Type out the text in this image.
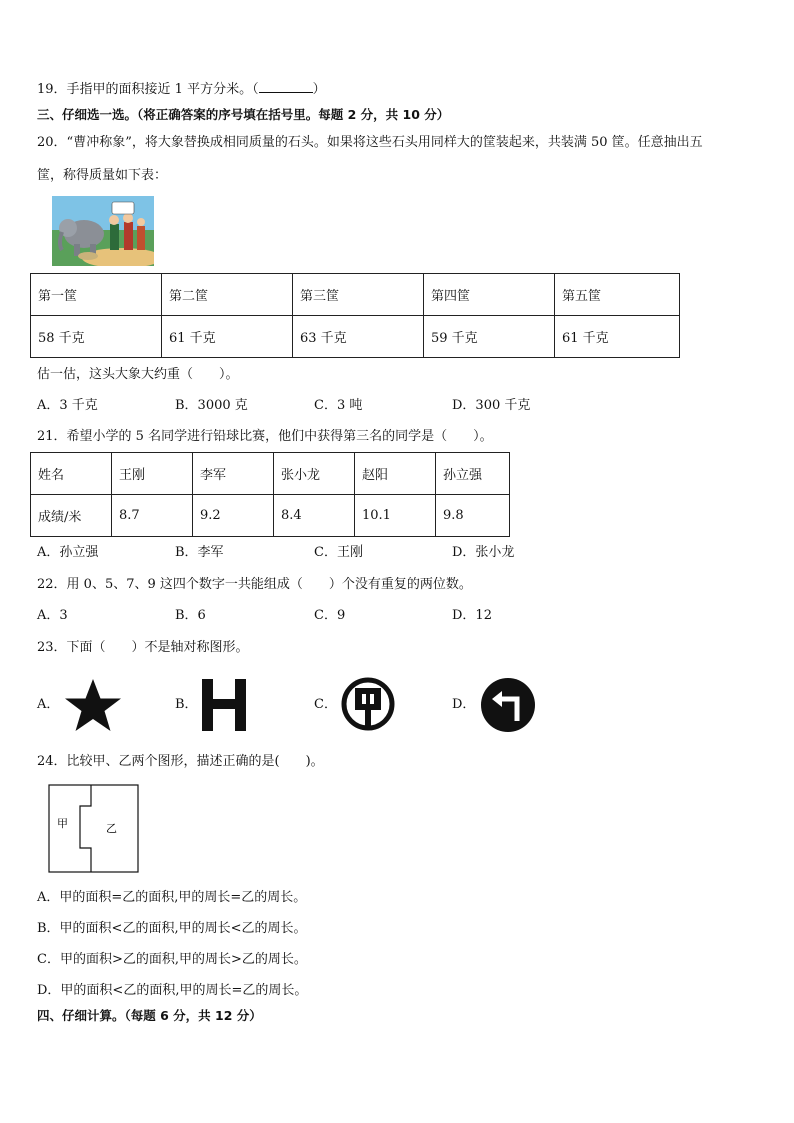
19．手指甲的面积接近 1 平方分米。（	）
三、仔细选一选。（将正确答案的序号填在括号里。每题 2 分，共 10 分）
20．“曹冲称象”，将大象替换成相同质量的石头。如果将这些石头用同样大的筐装起来，共装满 50 筐。任意抽出五
筐，称得质量如下表：
第一筐	第二筐	第三筐	第四筐	第五筐
58 千克	61 千克	63 千克	59 千克	61 千克
估一估，这头大象大约重（　　）。
A．3 千克	B．3000 克	C．3 吨	D．300 千克
21．希望小学的 5 名同学进行铅球比赛，他们中获得第三名的同学是（　　）。
姓名	王刚	李军	张小龙	赵阳	孙立强
成绩/米	8.7	9.2	8.4	10.1	9.8
A．孙立强	B．李军	C．王刚	D．张小龙
22．用 0、5、7、9 这四个数字一共能组成（　　）个没有重复的两位数。
A．3	B．6	C．9	D．12
23．下面（　　）不是轴对称图形。
A．	B．	C．	D．
24．比较甲、乙两个图形，描述正确的是(　　)。
甲	乙
A．甲的面积=乙的面积,甲的周长=乙的周长。
B．甲的面积<乙的面积,甲的周长<乙的周长。
C．甲的面积>乙的面积,甲的周长>乙的周长。
D．甲的面积<乙的面积,甲的周长=乙的周长。
四、仔细计算。（每题 6 分，共 12 分）
